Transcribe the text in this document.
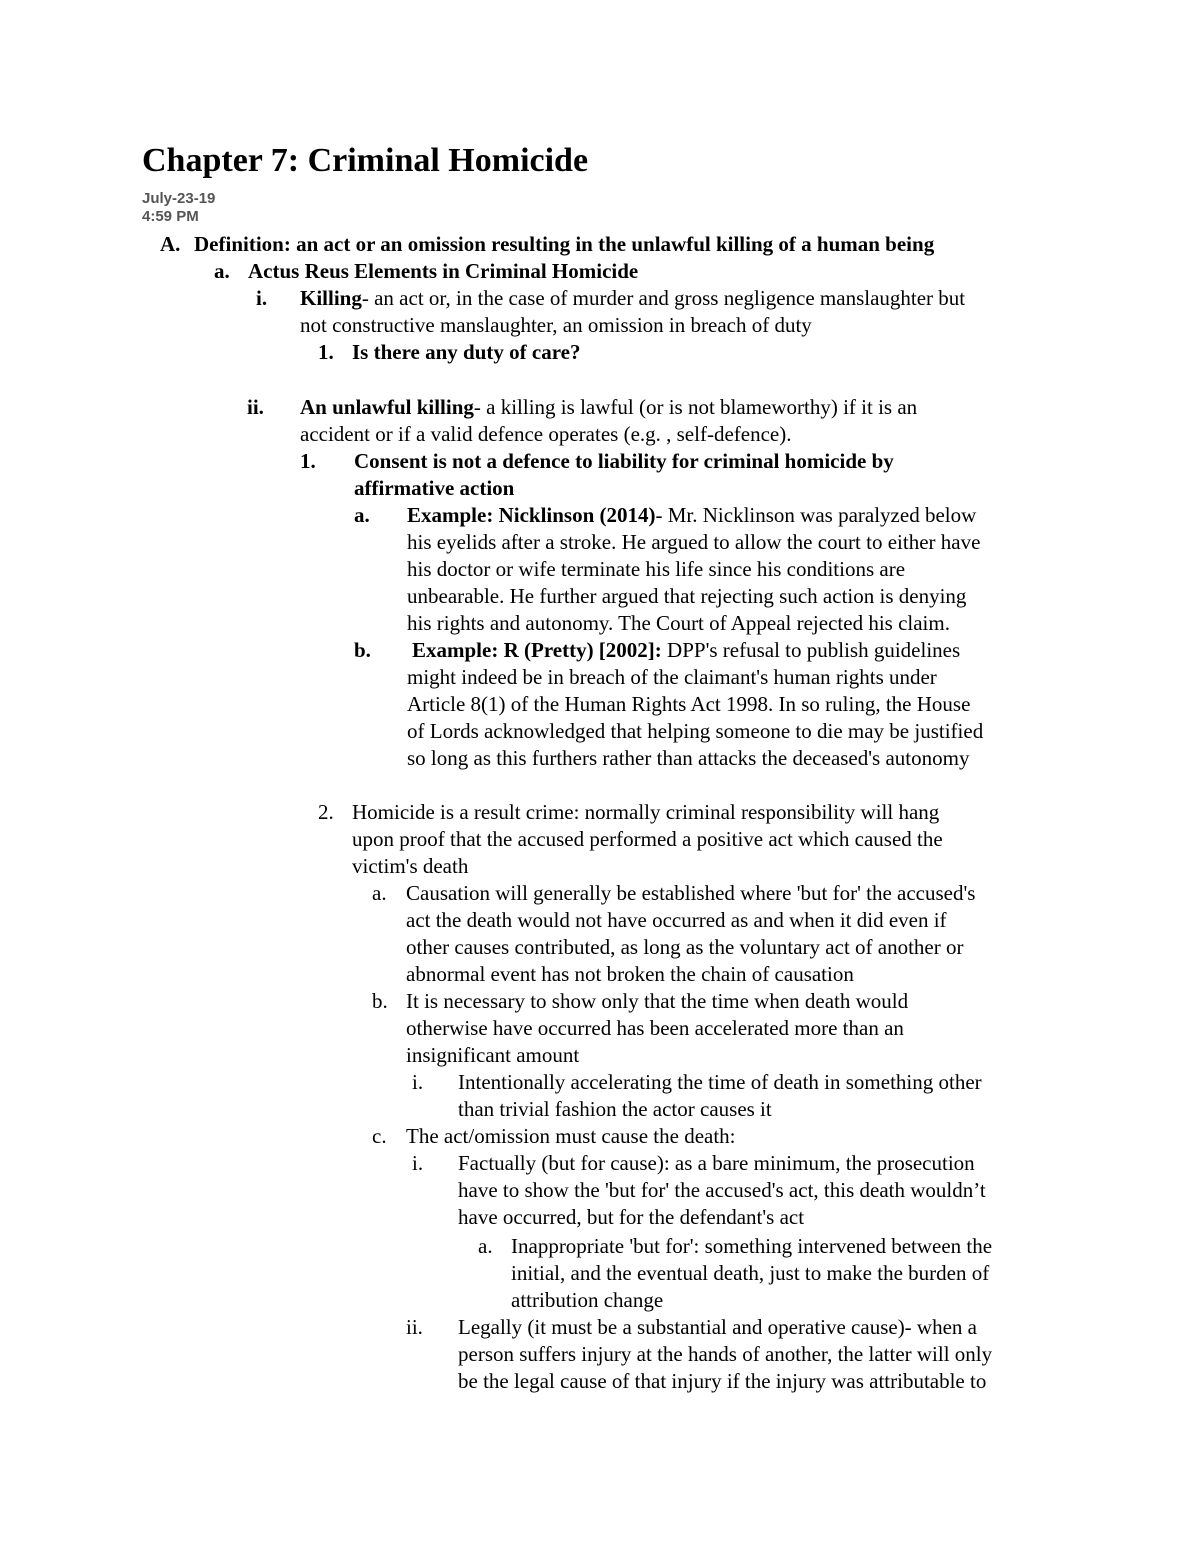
Chapter 7: Criminal Homicide
July-23-19
4:59 PM
A. Definition: an act or an omission resulting in the unlawful killing of a human being
a. Actus Reus Elements in Criminal Homicide
i. Killing- an act or, in the case of murder and gross negligence manslaughter but
not constructive manslaughter, an omission in breach of duty
1. Is there any duty of care?
ii. An unlawful killing- a killing is lawful (or is not blameworthy) if it is an
accident or if a valid defence operates (e.g. , self-defence).
1. Consent is not a defence to liability for criminal homicide by
affirmative action
a. Example: Nicklinson (2014)- Mr. Nicklinson was paralyzed below
his eyelids after a stroke. He argued to allow the court to either have
his doctor or wife terminate his life since his conditions are
unbearable. He further argued that rejecting such action is denying
his rights and autonomy. The Court of Appeal rejected his claim.
b. Example: R (Pretty) [2002]: DPP's refusal to publish guidelines
might indeed be in breach of the claimant's human rights under
Article 8(1) of the Human Rights Act 1998. In so ruling, the House
of Lords acknowledged that helping someone to die may be justified
so long as this furthers rather than attacks the deceased's autonomy
2. Homicide is a result crime: normally criminal responsibility will hang
upon proof that the accused performed a positive act which caused the
victim's death
a. Causation will generally be established where 'but for' the accused's
act the death would not have occurred as and when it did even if
other causes contributed, as long as the voluntary act of another or
abnormal event has not broken the chain of causation
b. It is necessary to show only that the time when death would
otherwise have occurred has been accelerated more than an
insignificant amount
i. Intentionally accelerating the time of death in something other
than trivial fashion the actor causes it
c. The act/omission must cause the death:
i. Factually (but for cause): as a bare minimum, the prosecution
have to show the 'but for' the accused's act, this death wouldn’t
have occurred, but for the defendant's act
a. Inappropriate 'but for': something intervened between the
initial, and the eventual death, just to make the burden of
attribution change
ii. Legally (it must be a substantial and operative cause)- when a
person suffers injury at the hands of another, the latter will only
be the legal cause of that injury if the injury was attributable to
